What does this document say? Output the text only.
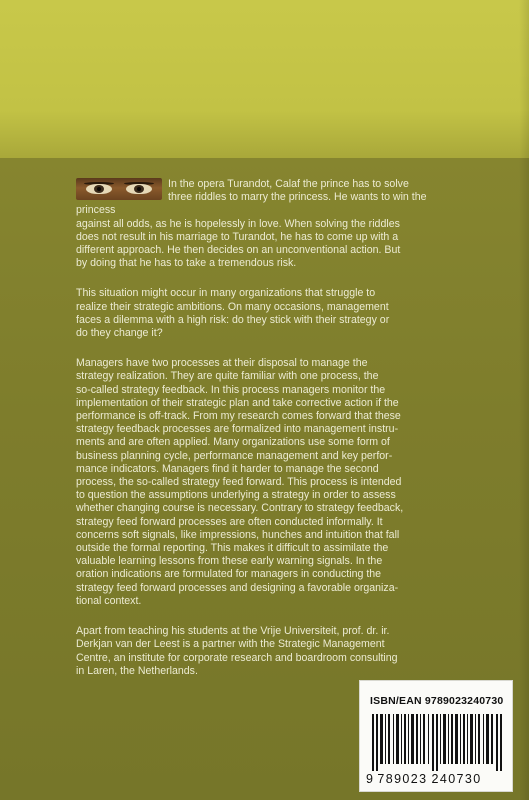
In the opera Turandot, Calaf the prince has to solve
three riddles to marry the princess. He wants to win the princess
against all odds, as he is hopelessly in love. When solving the riddles
does not result in his marriage to Turandot, he has to come up with a
different approach. He then decides on an unconventional action. But
by doing that he has to take a tremendous risk.

This situation might occur in many organizations that struggle to
realize their strategic ambitions. On many occasions, management
faces a dilemma with a high risk: do they stick with their strategy or
do they change it?

Managers have two processes at their disposal to manage the
strategy realization. They are quite familiar with one process, the
so-called strategy feedback. In this process managers monitor the
implementation of their strategic plan and take corrective action if the
performance is off-track. From my research comes forward that these
strategy feedback processes are formalized into management instru-
ments and are often applied. Many organizations use some form of
business planning cycle, performance management and key perfor-
mance indicators. Managers find it harder to manage the second
process, the so-called strategy feed forward. This process is intended
to question the assumptions underlying a strategy in order to assess
whether changing course is necessary. Contrary to strategy feedback,
strategy feed forward processes are often conducted informally. It
concerns soft signals, like impressions, hunches and intuition that fall
outside the formal reporting. This makes it difficult to assimilate the
valuable learning lessons from these early warning signals. In the
oration indications are formulated for managers in conducting the
strategy feed forward processes and designing a favorable organiza-
tional context.

Apart from teaching his students at the Vrije Universiteit, prof. dr. ir.
Derkjan van der Leest is a partner with the Strategic Management
Centre, an institute for corporate research and boardroom consulting
in Laren, the Netherlands.

ISBN/EAN 9789023240730
9 789023 240730
